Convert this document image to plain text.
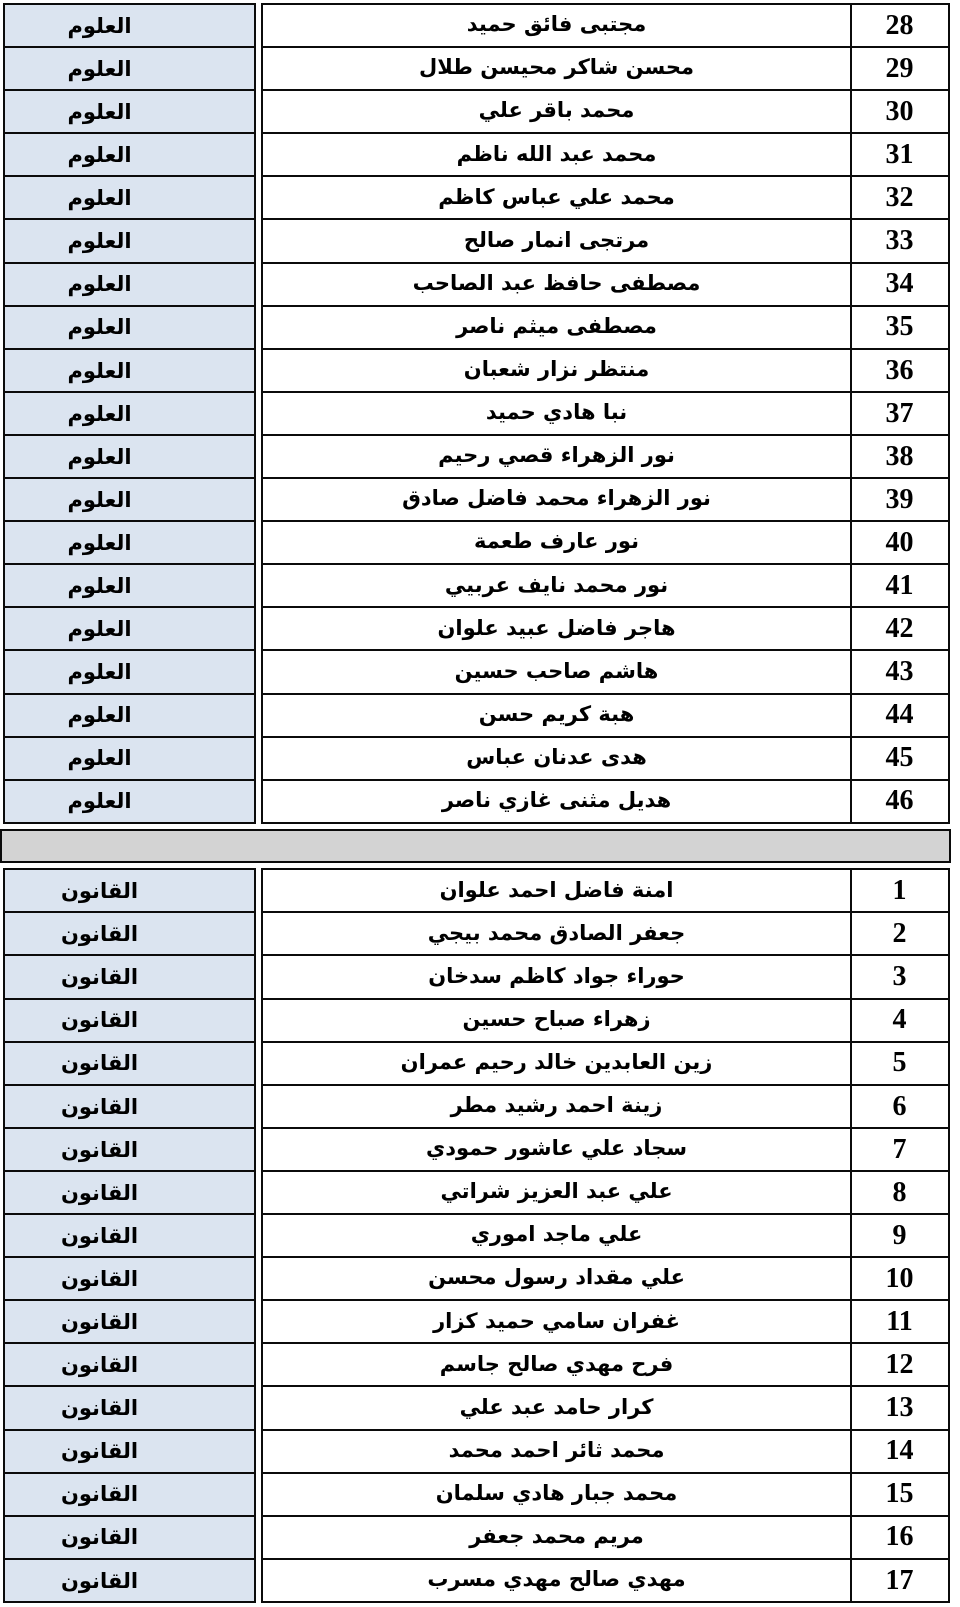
العلوم	مجتبى فائق حميد	28
العلوم	محسن شاكر محيسن طلال	29
العلوم	محمد باقر علي	30
العلوم	محمد عبد الله ناظم	31
العلوم	محمد علي عباس كاظم	32
العلوم	مرتجى انمار صالح	33
العلوم	مصطفى حافظ عبد الصاحب	34
العلوم	مصطفى ميثم ناصر	35
العلوم	منتظر نزار شعبان	36
العلوم	نبا هادي حميد	37
العلوم	نور الزهراء قصي رحيم	38
العلوم	نور الزهراء محمد فاضل صادق	39
العلوم	نور عارف طعمة	40
العلوم	نور محمد نايف عربيي	41
العلوم	هاجر فاضل عبيد علوان	42
العلوم	هاشم صاحب حسين	43
العلوم	هبة كريم حسن	44
العلوم	هدى عدنان عباس	45
العلوم	هديل مثنى غازي ناصر	46
القانون	امنة فاضل احمد علوان	1
القانون	جعفر الصادق محمد بيجي	2
القانون	حوراء جواد كاظم سدخان	3
القانون	زهراء صباح حسين	4
القانون	زين العابدين خالد رحيم عمران	5
القانون	زينة احمد رشيد مطر	6
القانون	سجاد علي عاشور حمودي	7
القانون	علي عبد العزيز شراتي	8
القانون	علي ماجد اموري	9
القانون	علي مقداد رسول محسن	10
القانون	غفران سامي حميد كزار	11
القانون	فرح مهدي صالح جاسم	12
القانون	كرار حامد عبد علي	13
القانون	محمد ثائر احمد محمد	14
القانون	محمد جبار هادي سلمان	15
القانون	مريم محمد جعفر	16
القانون	مهدي صالح مهدي مسرب	17
